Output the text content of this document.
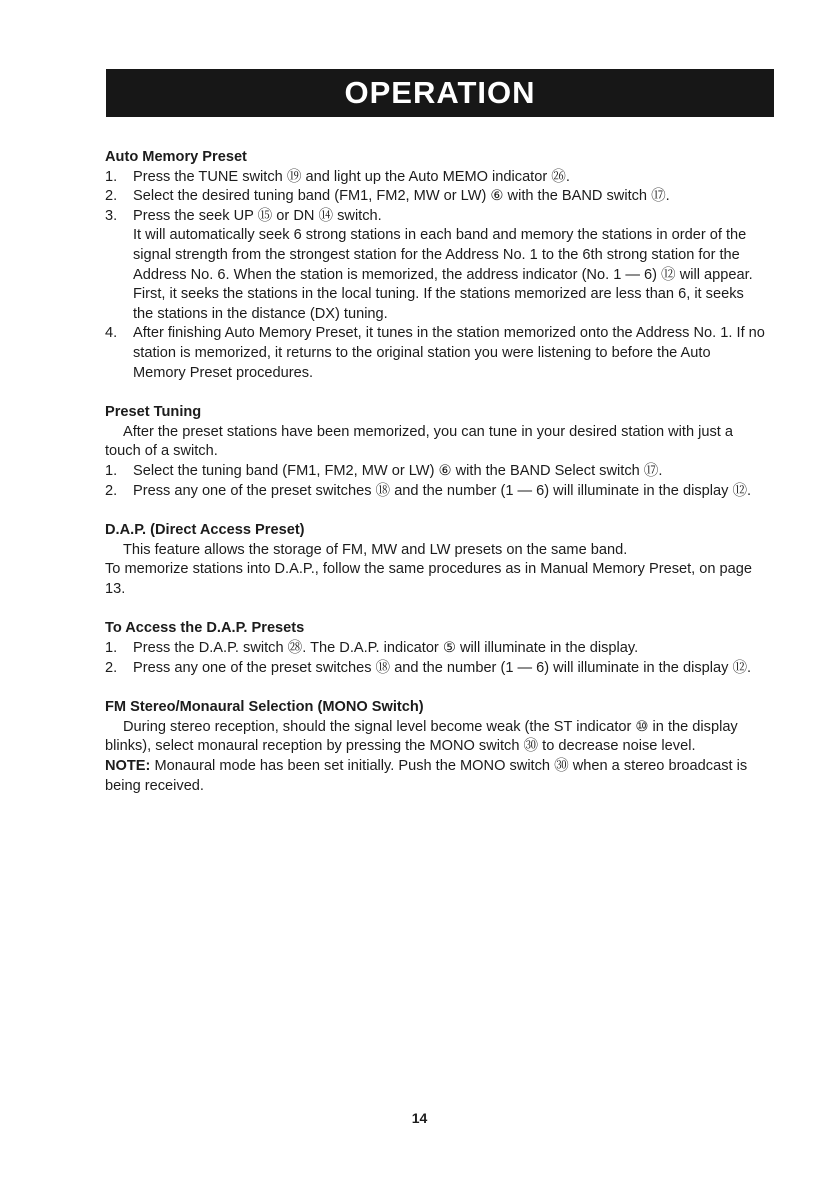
OPERATION

Auto Memory Preset

1. Press the TUNE switch ⑲ and light up the Auto MEMO indicator ㉖.
2. Select the desired tuning band (FM1, FM2, MW or LW) ⑥ with the BAND switch ⑰.
3. Press the seek UP ⑮ or DN ⑭ switch.
It will automatically seek 6 strong stations in each band and memory the stations in order of the signal strength from the strongest station for the Address No. 1 to the 6th strong station for the Address No. 6. When the station is memorized, the address indicator (No. 1 — 6) ⑫ will appear. First, it seeks the stations in the local tuning. If the stations memorized are less than 6, it seeks the stations in the distance (DX) tuning.
4. After finishing Auto Memory Preset, it tunes in the station memorized onto the Address No. 1. If no station is memorized, it returns to the original station you were listening to before the Auto Memory Preset procedures.

Preset Tuning

After the preset stations have been memorized, you can tune in your desired station with just a touch of a switch.

1. Select the tuning band (FM1, FM2, MW or LW) ⑥ with the BAND Select switch ⑰.
2. Press any one of the preset switches ⑱ and the number (1 — 6) will illuminate in the display ⑫.

D.A.P. (Direct Access Preset)

This feature allows the storage of FM, MW and LW presets on the same band.

To memorize stations into D.A.P., follow the same procedures as in Manual Memory Preset, on page 13.

To Access the D.A.P. Presets

1. Press the D.A.P. switch ㉘. The D.A.P. indicator ⑤ will illuminate in the display.
2. Press any one of the preset switches ⑱ and the number (1 — 6) will illuminate in the display ⑫.

FM Stereo/Monaural Selection (MONO Switch)

During stereo reception, should the signal level become weak (the ST indicator ⑩ in the display blinks), select monaural reception by pressing the MONO switch ㉚ to decrease noise level.

NOTE: Monaural mode has been set initially. Push the MONO switch ㉚ when a stereo broadcast is being received.

14
